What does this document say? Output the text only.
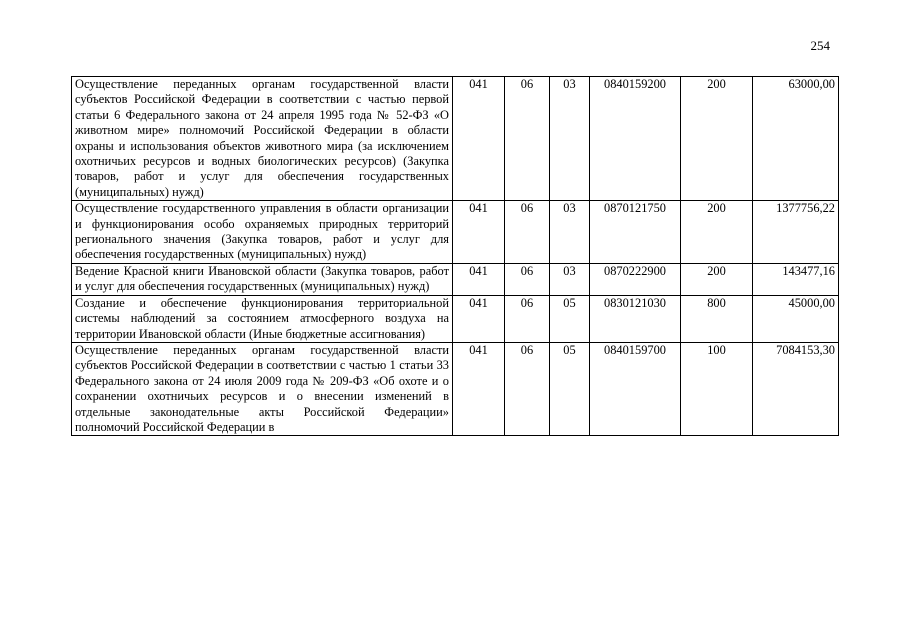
254
Осуществление переданных органам государственной власти субъектов Российской Федерации в соответствии с частью первой статьи 6 Федерального закона от 24 апреля 1995 года № 52-ФЗ «О животном мире» полномочий Российской Федерации в области охраны и использования объектов животного мира (за исключением охотничьих ресурсов и водных биологических ресурсов) (Закупка товаров, работ и услуг для обеспечения государственных (муниципальных) нужд)	041	06	03	0840159200	200	63000,00
Осуществление государственного управления в области организации и функционирования особо охраняемых природных территорий регионального значения (Закупка товаров, работ и услуг для обеспечения государственных (муниципальных) нужд)	041	06	03	0870121750	200	1377756,22
Ведение Красной книги Ивановской области (Закупка товаров, работ и услуг для обеспечения государственных (муниципальных) нужд)	041	06	03	0870222900	200	143477,16
Создание и обеспечение функционирования территориальной системы наблюдений за состоянием атмосферного воздуха на территории Ивановской области (Иные бюджетные ассигнования)	041	06	05	0830121030	800	45000,00
Осуществление переданных органам государственной власти субъектов Российской Федерации в соответствии с частью 1 статьи 33 Федерального закона от 24 июля 2009 года № 209-ФЗ «Об охоте и о сохранении охотничьих ресурсов и о внесении изменений в отдельные законодательные акты Российской Федерации» полномочий Российской Федерации в	041	06	05	0840159700	100	7084153,30
